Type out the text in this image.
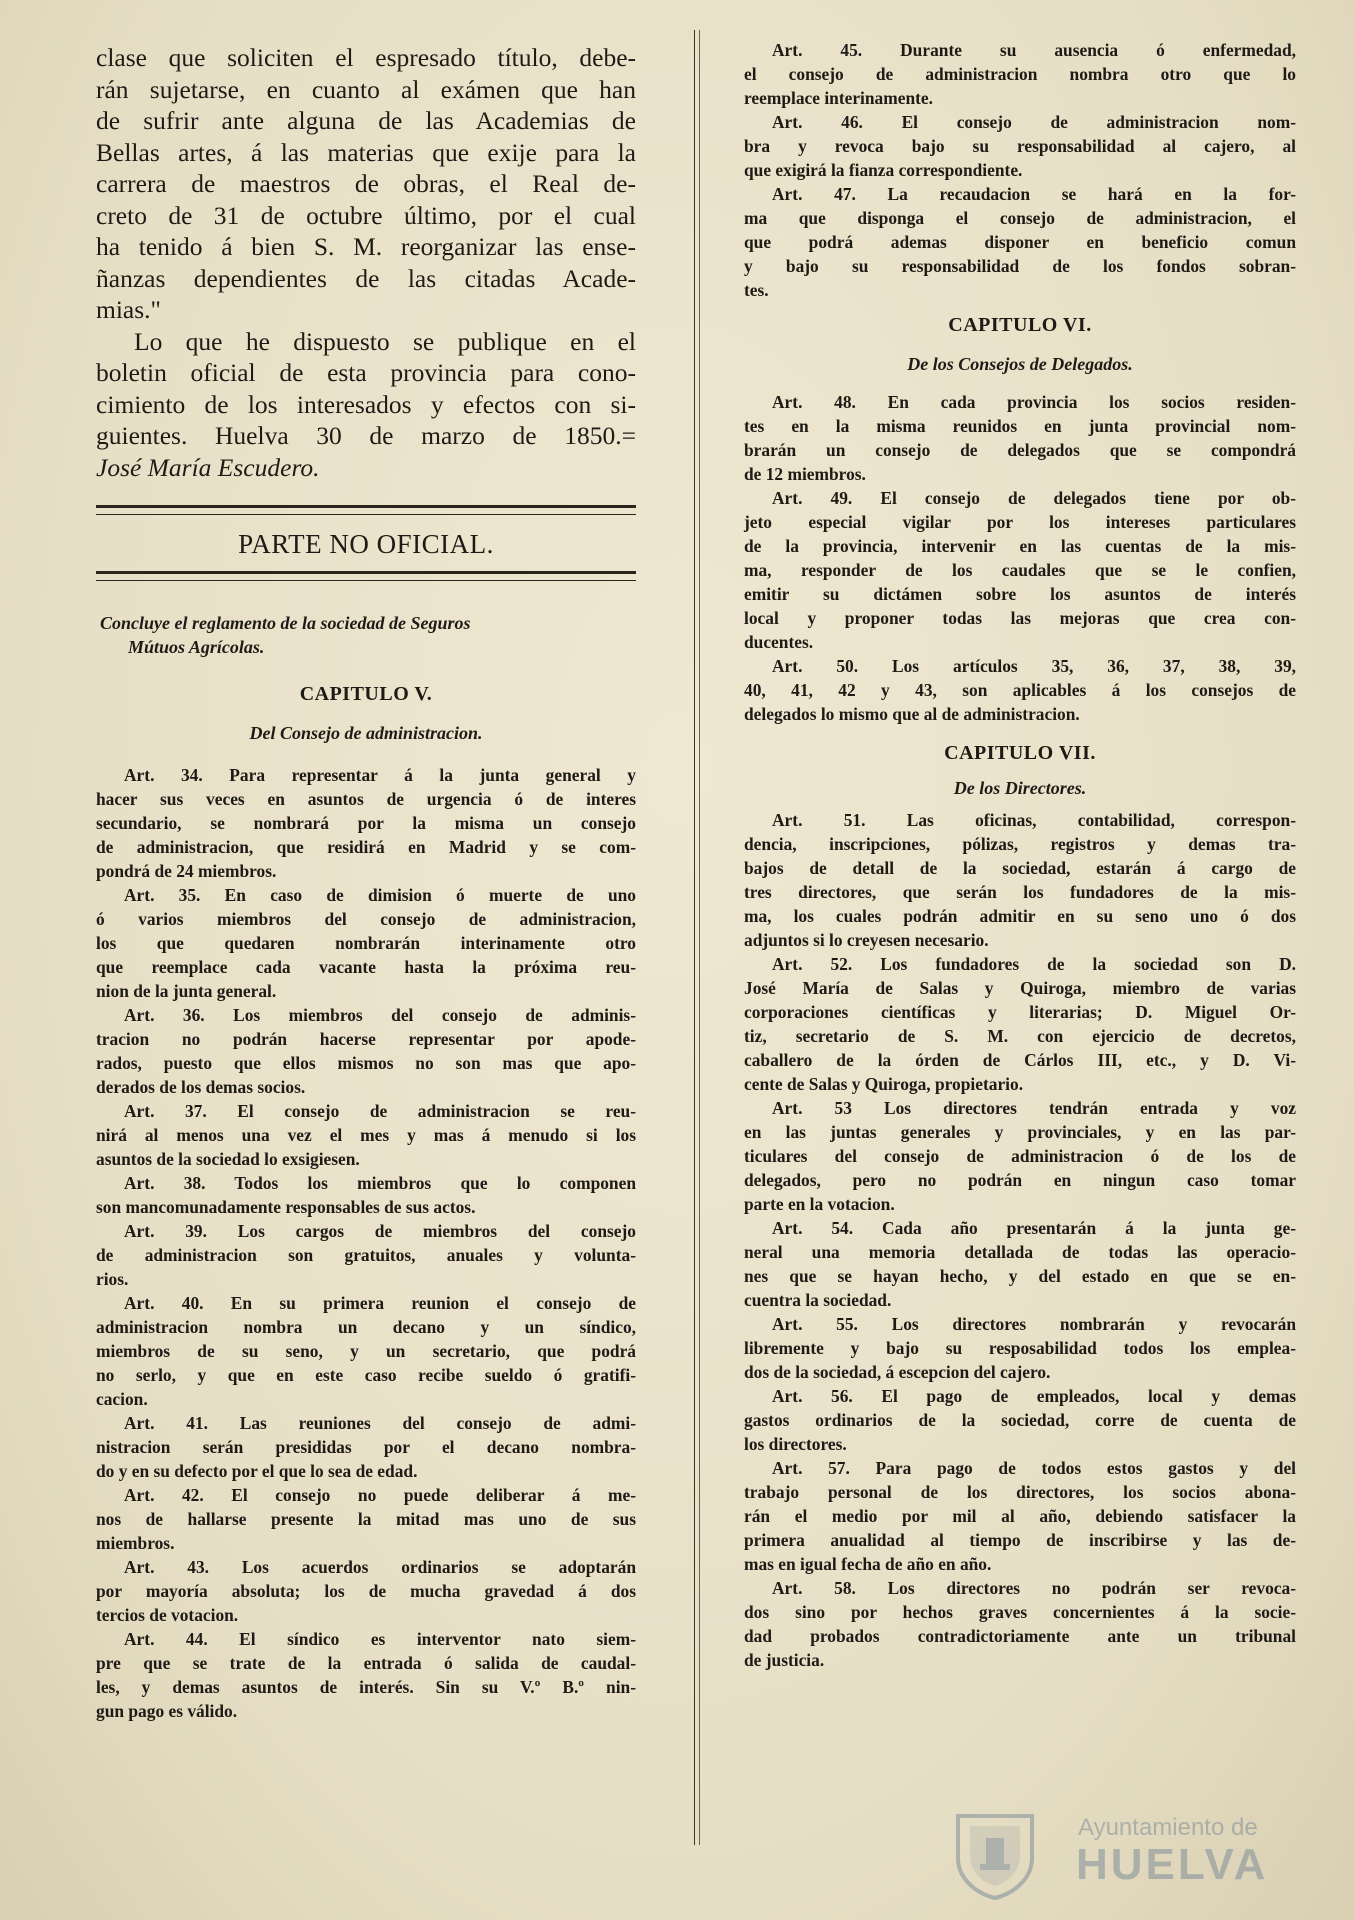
clase que soliciten el espresado título, debe-

rán sujetarse, en cuanto al exámen que han

de sufrir ante alguna de las Academias de

Bellas artes, á las materias que exije para la

carrera de maestros de obras, el Real de-

creto de 31 de octubre último, por el cual

ha tenido á bien S. M. reorganizar las ense-

ñanzas dependientes de las citadas Acade-

mias."

Lo que he dispuesto se publique en el

boletin oficial de esta provincia para cono-

cimiento de los interesados y efectos con si-

guientes. Huelva 30 de marzo de 1850.=

José María Escudero.

PARTE NO OFICIAL.
Concluye el reglamento de la sociedad de Seguros
Mútuos Agrícolas.
CAPITULO V.
Del Consejo de administracion.

Art. 34. Para representar á la junta general y
hacer sus veces en asuntos de urgencia ó de interes
secundario, se nombrará por la misma un consejo
de administracion, que residirá en Madrid y se com-
pondrá de 24 miembros.

Art. 35. En caso de dimision ó muerte de uno
ó varios miembros del consejo de administracion,
los que quedaren nombrarán interinamente otro
que reemplace cada vacante hasta la próxima reu-
nion de la junta general.

Art. 36. Los miembros del consejo de adminis-
tracion no podrán hacerse representar por apode-
rados, puesto que ellos mismos no son mas que apo-
derados de los demas socios.

Art. 37. El consejo de administracion se reu-
nirá al menos una vez el mes y mas á menudo si los
asuntos de la sociedad lo exsigiesen.

Art. 38. Todos los miembros que lo componen
son mancomunadamente responsables de sus actos.

Art. 39. Los cargos de miembros del consejo
de administracion son gratuitos, anuales y volunta-
rios.

Art. 40. En su primera reunion el consejo de
administracion nombra un decano y un síndico,
miembros de su seno, y un secretario, que podrá
no serlo, y que en este caso recibe sueldo ó gratifi-
cacion.

Art. 41. Las reuniones del consejo de admi-
nistracion serán presididas por el decano nombra-
do y en su defecto por el que lo sea de edad.

Art. 42. El consejo no puede deliberar á me-
nos de hallarse presente la mitad mas uno de sus
miembros.

Art. 43. Los acuerdos ordinarios se adoptarán
por mayoría absoluta; los de mucha gravedad á dos
tercios de votacion.

Art. 44. El síndico es interventor nato siem-
pre que se trate de la entrada ó salida de caudal-
les, y demas asuntos de interés. Sin su V.º B.º nin-
gun pago es válido.

Art. 45. Durante su ausencia ó enfermedad,
el consejo de administracion nombra otro que lo
reemplace interinamente.

Art. 46. El consejo de administracion nom-
bra y revoca bajo su responsabilidad al cajero, al
que exigirá la fianza correspondiente.

Art. 47. La recaudacion se hará en la for-
ma que disponga el consejo de administracion, el
que podrá ademas disponer en beneficio comun
y bajo su responsabilidad de los fondos sobran-
tes.

CAPITULO VI.
De los Consejos de Delegados.

Art. 48. En cada provincia los socios residen-
tes en la misma reunidos en junta provincial nom-
brarán un consejo de delegados que se compondrá
de 12 miembros.

Art. 49. El consejo de delegados tiene por ob-
jeto especial vigilar por los intereses particulares
de la provincia, intervenir en las cuentas de la mis-
ma, responder de los caudales que se le confien,
emitir su dictámen sobre los asuntos de interés
local y proponer todas las mejoras que crea con-
ducentes.

Art. 50. Los artículos 35, 36, 37, 38, 39,
40, 41, 42 y 43, son aplicables á los consejos de
delegados lo mismo que al de administracion.

CAPITULO VII.
De los Directores.

Art. 51. Las oficinas, contabilidad, correspon-
dencia, inscripciones, pólizas, registros y demas tra-
bajos de detall de la sociedad, estarán á cargo de
tres directores, que serán los fundadores de la mis-
ma, los cuales podrán admitir en su seno uno ó dos
adjuntos si lo creyesen necesario.

Art. 52. Los fundadores de la sociedad son D.
José María de Salas y Quiroga, miembro de varias
corporaciones científicas y literarias; D. Miguel Or-
tiz, secretario de S. M. con ejercicio de decretos,
caballero de la órden de Cárlos III, etc., y D. Vi-
cente de Salas y Quiroga, propietario.

Art. 53 Los directores tendrán entrada y voz
en las juntas generales y provinciales, y en las par-
ticulares del consejo de administracion ó de los de
delegados, pero no podrán en ningun caso tomar
parte en la votacion.

Art. 54. Cada año presentarán á la junta ge-
neral una memoria detallada de todas las operacio-
nes que se hayan hecho, y del estado en que se en-
cuentra la sociedad.

Art. 55. Los directores nombrarán y revocarán
libremente y bajo su resposabilidad todos los emplea-
dos de la sociedad, á escepcion del cajero.

Art. 56. El pago de empleados, local y demas
gastos ordinarios de la sociedad, corre de cuenta de
los directores.

Art. 57. Para pago de todos estos gastos y del
trabajo personal de los directores, los socios abona-
rán el medio por mil al año, debiendo satisfacer la
primera anualidad al tiempo de inscribirse y las de-
mas en igual fecha de año en año.

Art. 58. Los directores no podrán ser revoca-
dos sino por hechos graves concernientes á la socie-
dad probados contradictoriamente ante un tribunal
de justicia.

Ayuntamiento de
HUELVA
